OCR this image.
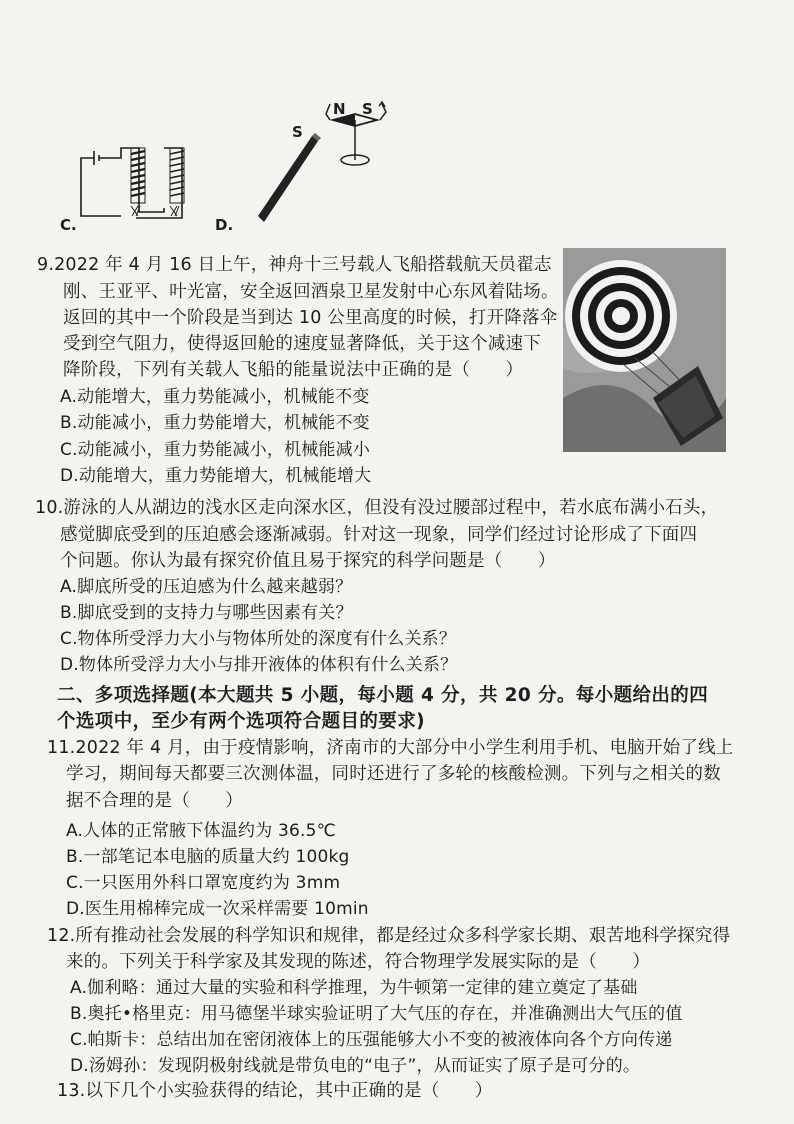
C.
S
N S
D.
9.2022 年 4 月 16 日上午，神舟十三号载人飞船搭载航天员翟志
刚、王亚平、叶光富，安全返回酒泉卫星发射中心东风着陆场。
返回的其中一个阶段是当到达 10 公里高度的时候，打开降落伞
受到空气阻力，使得返回舱的速度显著降低，关于这个减速下
降阶段，下列有关载人飞船的能量说法中正确的是（　　）
A.动能增大，重力势能减小，机械能不变
B.动能减小，重力势能增大，机械能不变
C.动能减小，重力势能减小，机械能减小
D.动能增大，重力势能增大，机械能增大
10.游泳的人从湖边的浅水区走向深水区，但没有没过腰部过程中，若水底布满小石头，
感觉脚底受到的压迫感会逐渐减弱。针对这一现象，同学们经过讨论形成了下面四
个问题。你认为最有探究价值且易于探究的科学问题是（　　）
A.脚底所受的压迫感为什么越来越弱？
B.脚底受到的支持力与哪些因素有关？
C.物体所受浮力大小与物体所处的深度有什么关系？
D.物体所受浮力大小与排开液体的体积有什么关系？
二、多项选择题(本大题共 5 小题，每小题 4 分，共 20 分。每小题给出的四
个选项中，至少有两个选项符合题目的要求)
11.2022 年 4 月，由于疫情影响，济南市的大部分中小学生利用手机、电脑开始了线上
学习，期间每天都要三次测体温，同时还进行了多轮的核酸检测。下列与之相关的数
据不合理的是（　　）
A.人体的正常腋下体温约为 36.5℃
B.一部笔记本电脑的质量大约 100kg
C.一只医用外科口罩宽度约为 3mm
D.医生用棉棒完成一次采样需要 10min
12.所有推动社会发展的科学知识和规律，都是经过众多科学家长期、艰苦地科学探究得
来的。下列关于科学家及其发现的陈述，符合物理学发展实际的是（　　）
A.伽利略：通过大量的实验和科学推理，为牛顿第一定律的建立奠定了基础
B.奥托•格里克：用马德堡半球实验证明了大气压的存在，并准确测出大气压的值
C.帕斯卡：总结出加在密闭液体上的压强能够大小不变的被液体向各个方向传递
D.汤姆孙：发现阴极射线就是带负电的“电子”，从而证实了原子是可分的。
13.以下几个小实验获得的结论，其中正确的是（　　）
